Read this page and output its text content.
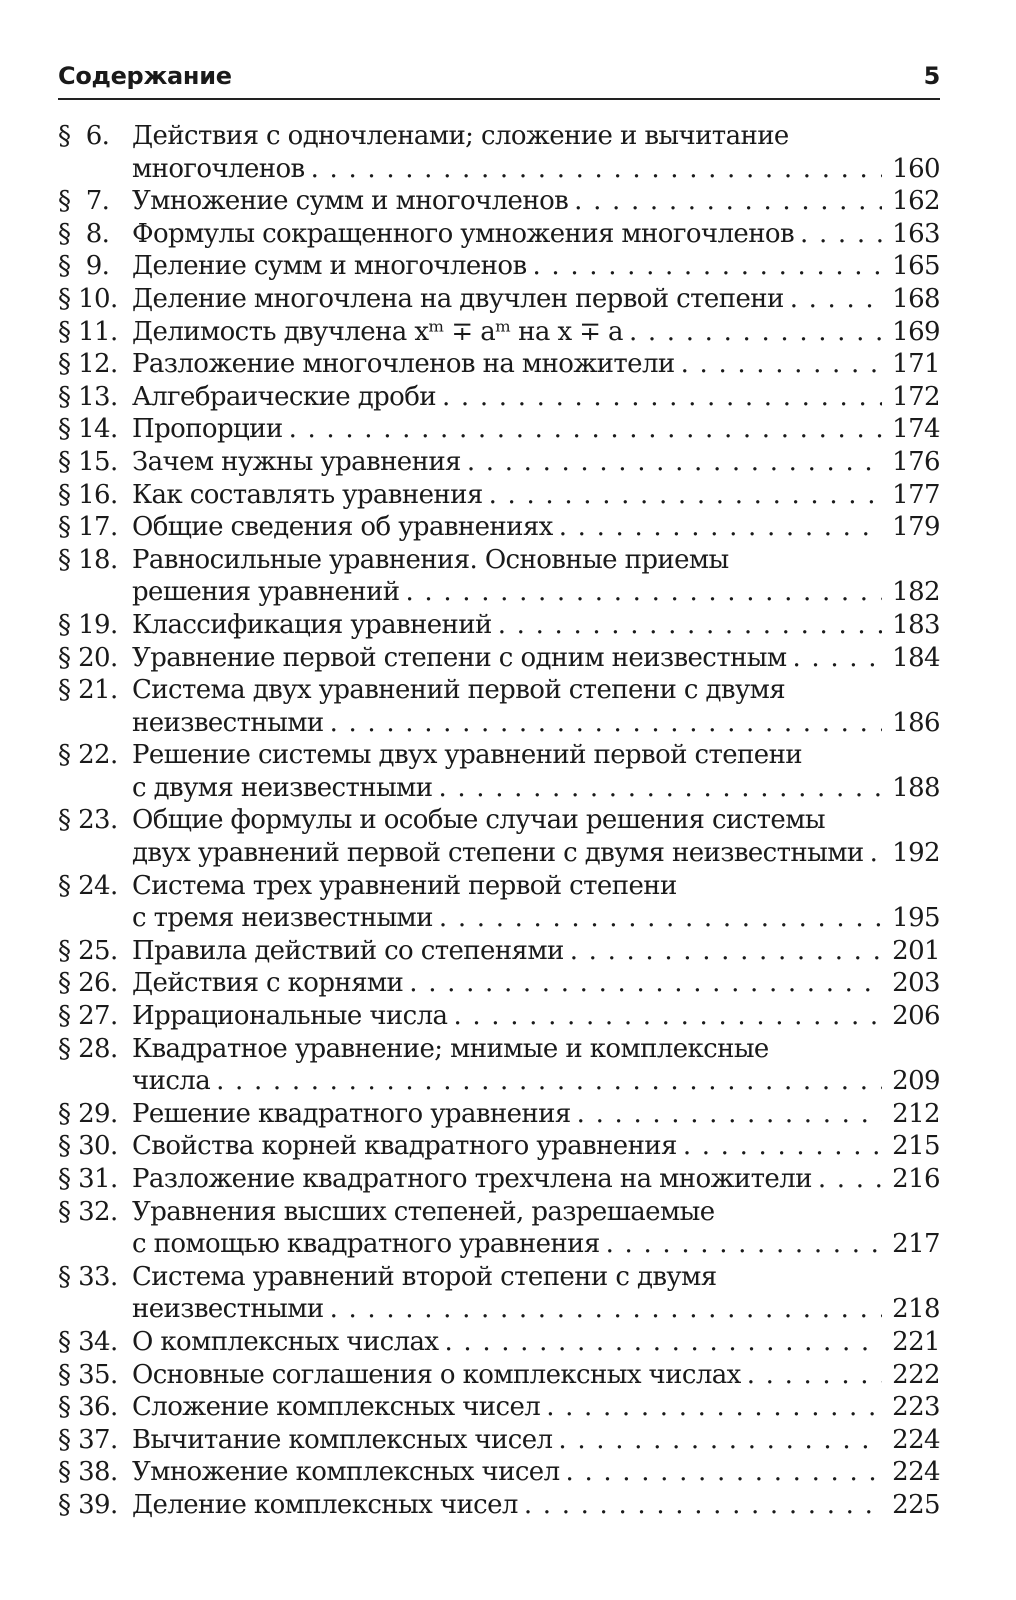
Содержание	5
§  6. Действия с одночленами; сложение и вычитание
многочленов . . .	160
§  7. Умножение сумм и многочленов . . .	162
§  8. Формулы сокращенного умножения многочленов . . .	163
§  9. Деление сумм и многочленов . . .	165
§ 10. Деление многочлена на двучлен первой степени . . .	168
§ 11. Делимость двучлена xᵐ ∓ aᵐ на x ∓ a . . .	169
§ 12. Разложение многочленов на множители . . .	171
§ 13. Алгебраические дроби . . .	172
§ 14. Пропорции . . .	174
§ 15. Зачем нужны уравнения . . .	176
§ 16. Как составлять уравнения . . .	177
§ 17. Общие сведения об уравнениях . . .	179
§ 18. Равносильные уравнения. Основные приемы
решения уравнений . . .	182
§ 19. Классификация уравнений . . .	183
§ 20. Уравнение первой степени с одним неизвестным . . .	184
§ 21. Система двух уравнений первой степени с двумя
неизвестными . . .	186
§ 22. Решение системы двух уравнений первой степени
с двумя неизвестными . . .	188
§ 23. Общие формулы и особые случаи решения системы
двух уравнений первой степени с двумя неизвестными . . .	192
§ 24. Система трех уравнений первой степени
с тремя неизвестными . . .	195
§ 25. Правила действий со степенями . . .	201
§ 26. Действия с корнями . . .	203
§ 27. Иррациональные числа . . .	206
§ 28. Квадратное уравнение; мнимые и комплексные
числа . . .	209
§ 29. Решение квадратного уравнения . . .	212
§ 30. Свойства корней квадратного уравнения . . .	215
§ 31. Разложение квадратного трехчлена на множители . . .	216
§ 32. Уравнения высших степеней, разрешаемые
с помощью квадратного уравнения . . .	217
§ 33. Система уравнений второй степени с двумя
неизвестными . . .	218
§ 34. О комплексных числах . . .	221
§ 35. Основные соглашения о комплексных числах . . .	222
§ 36. Сложение комплексных чисел . . .	223
§ 37. Вычитание комплексных чисел . . .	224
§ 38. Умножение комплексных чисел . . .	224
§ 39. Деление комплексных чисел . . .	225
